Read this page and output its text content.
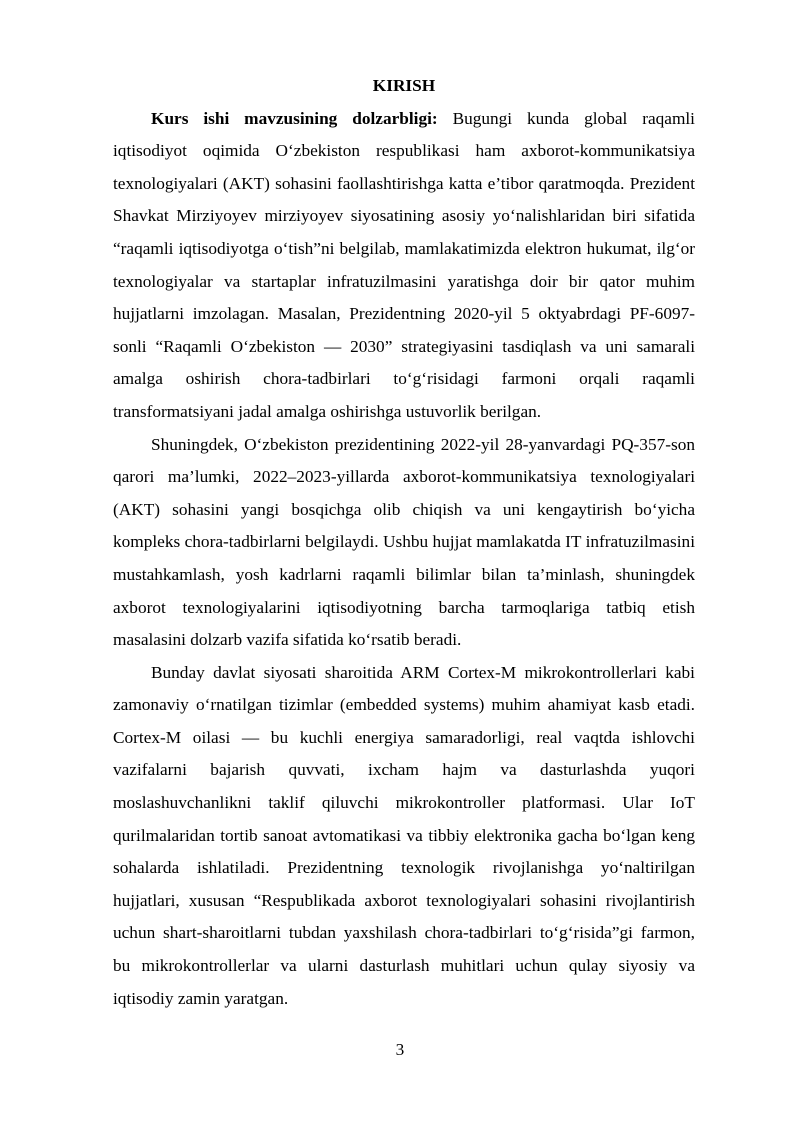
KIRISH

Kurs ishi mavzusining dolzarbligi: Bugungi kunda global raqamli iqtisodiyot oqimida O‘zbekiston respublikasi ham axborot-kommunikatsiya texnologiyalari (AKT) sohasini faollashtirishga katta e’tibor qaratmoqda. Prezident Shavkat Mirziyoyev mirziyoyev siyosatining asosiy yo‘nalishlaridan biri sifatida “raqamli iqtisodiyotga o‘tish”ni belgilab, mamlakatimizda elektron hukumat, ilg‘or texnologiyalar va startaplar infratuzilmasini yaratishga doir bir qator muhim hujjatlarni imzolagan. Masalan, Prezidentning 2020-yil 5 oktyabrdagi PF-6097-sonli “Raqamli O‘zbekiston — 2030” strategiyasini tasdiqlash va uni samarali amalga oshirish chora-tadbirlari to‘g‘risidagi farmoni orqali raqamli transformatsiyani jadal amalga oshirishga ustuvorlik berilgan.

Shuningdek, O‘zbekiston prezidentining 2022-yil 28-yanvardagi PQ-357-son qarori ma’lumki, 2022–2023-yillarda axborot-kommunikatsiya texnologiyalari (AKT) sohasini yangi bosqichga olib chiqish va uni kengaytirish bo‘yicha kompleks chora-tadbirlarni belgilaydi. Ushbu hujjat mamlakatda IT infratuzilmasini mustahkamlash, yosh kadrlarni raqamli bilimlar bilan ta’minlash, shuningdek axborot texnologiyalarini iqtisodiyotning barcha tarmoqlariga tatbiq etish masalasini dolzarb vazifa sifatida ko‘rsatib beradi.

Bunday davlat siyosati sharoitida ARM Cortex-M mikrokontrollerlari kabi zamonaviy o‘rnatilgan tizimlar (embedded systems) muhim ahamiyat kasb etadi. Cortex-M oilasi — bu kuchli energiya samaradorligi, real vaqtda ishlovchi vazifalarni bajarish quvvati, ixcham hajm va dasturlashda yuqori moslashuvchanlikni taklif qiluvchi mikrokontroller platformasi. Ular IoT qurilmalaridan tortib sanoat avtomatikasi va tibbiy elektronika gacha bo‘lgan keng sohalarda ishlatiladi. Prezidentning texnologik rivojlanishga yo‘naltirilgan hujjatlari, xususan “Respublikada axborot texnologiyalari sohasini rivojlantirish uchun shart-sharoitlarni tubdan yaxshilash chora-tadbirlari to‘g‘risida”gi farmon, bu mikrokontrollerlar va ularni dasturlash muhitlari uchun qulay siyosiy va iqtisodiy zamin yaratgan.

3
